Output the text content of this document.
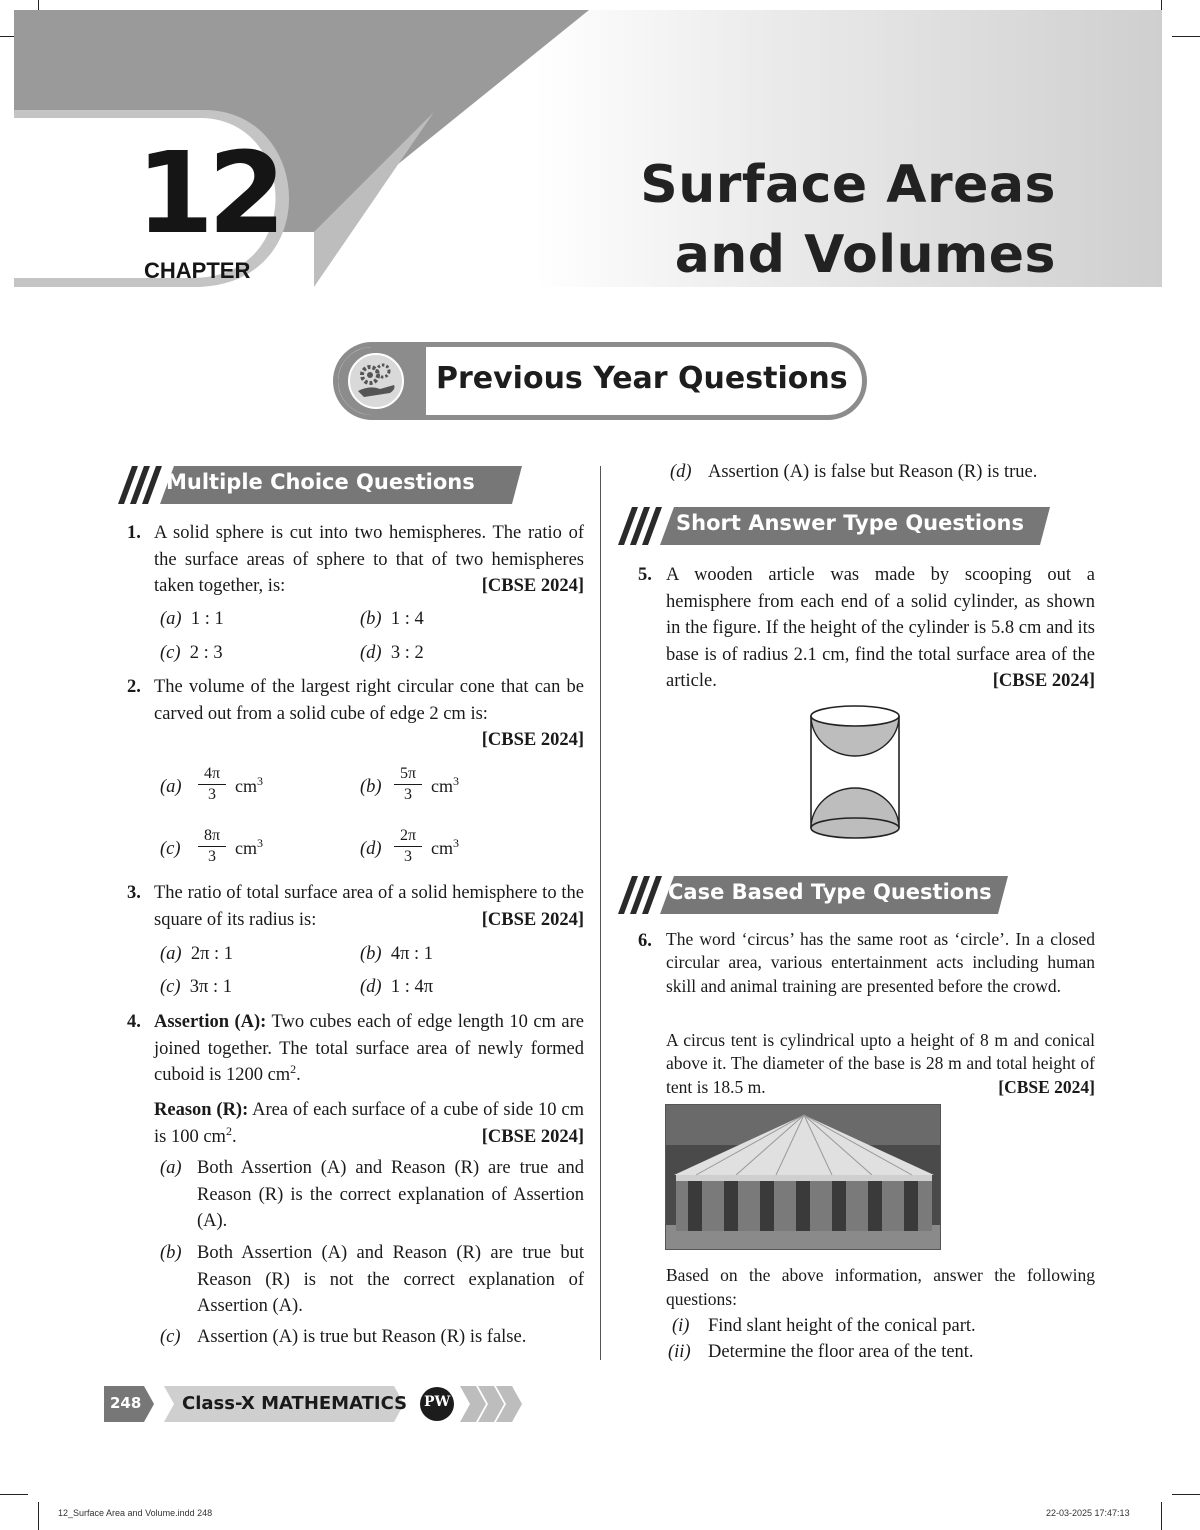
12
CHAPTER
Surface Areas
and Volumes
Previous Year Questions
Multiple Choice Questions
1. A solid sphere is cut into two hemispheres. The ratio of the surface areas of sphere to that of two hemispheres taken together, is:	[CBSE 2024]
(a) 1 : 1	(b) 1 : 4
(c) 2 : 3	(d) 3 : 2
2. The volume of the largest right circular cone that can be carved out from a solid cube of edge 2 cm is:
[CBSE 2024]
$(a) \frac{4\pi}{3} cm^3$	$(b) \frac{5\pi}{3} cm^3$
$(c) \frac{8\pi}{3} cm^3$	$(d) \frac{2\pi}{3} cm^3$
3. The ratio of total surface area of a solid hemisphere to the square of its radius is:	[CBSE 2024]
(a) 2π : 1	(b) 4π : 1
(c) 3π : 1	(d) 1 : 4π
4. Assertion (A): Two cubes each of edge length 10 cm are joined together. The total surface area of newly formed cuboid is 1200 $cm^2$.
Reason (R): Area of each surface of a cube of side 10 cm is 100 $cm^2$.	[CBSE 2024]
(a) Both Assertion (A) and Reason (R) are true and Reason (R) is the correct explanation of Assertion (A).
(b) Both Assertion (A) and Reason (R) are true but Reason (R) is not the correct explanation of Assertion (A).
(c) Assertion (A) is true but Reason (R) is false.
(d) Assertion (A) is false but Reason (R) is true.
Short Answer Type Questions
5. A wooden article was made by scooping out a hemisphere from each end of a solid cylinder, as shown in the figure. If the height of the cylinder is 5.8 cm and its base is of radius 2.1 cm, find the total surface area of the article.	[CBSE 2024]
Case Based Type Questions
6. The word ‘circus’ has the same root as ‘circle’. In a closed circular area, various entertainment acts including human skill and animal training are presented before the crowd.
A circus tent is cylindrical upto a height of 8 m and conical above it. The diameter of the base is 28 m and total height of tent is 18.5 m.	[CBSE 2024]
Based on the above information, answer the following questions:
(i) Find slant height of the conical part.
(ii) Determine the floor area of the tent.
248 Class-X MATHEMATICS PW
12_Surface Area and Volume.indd 248	22-03-2025 17:47:13
